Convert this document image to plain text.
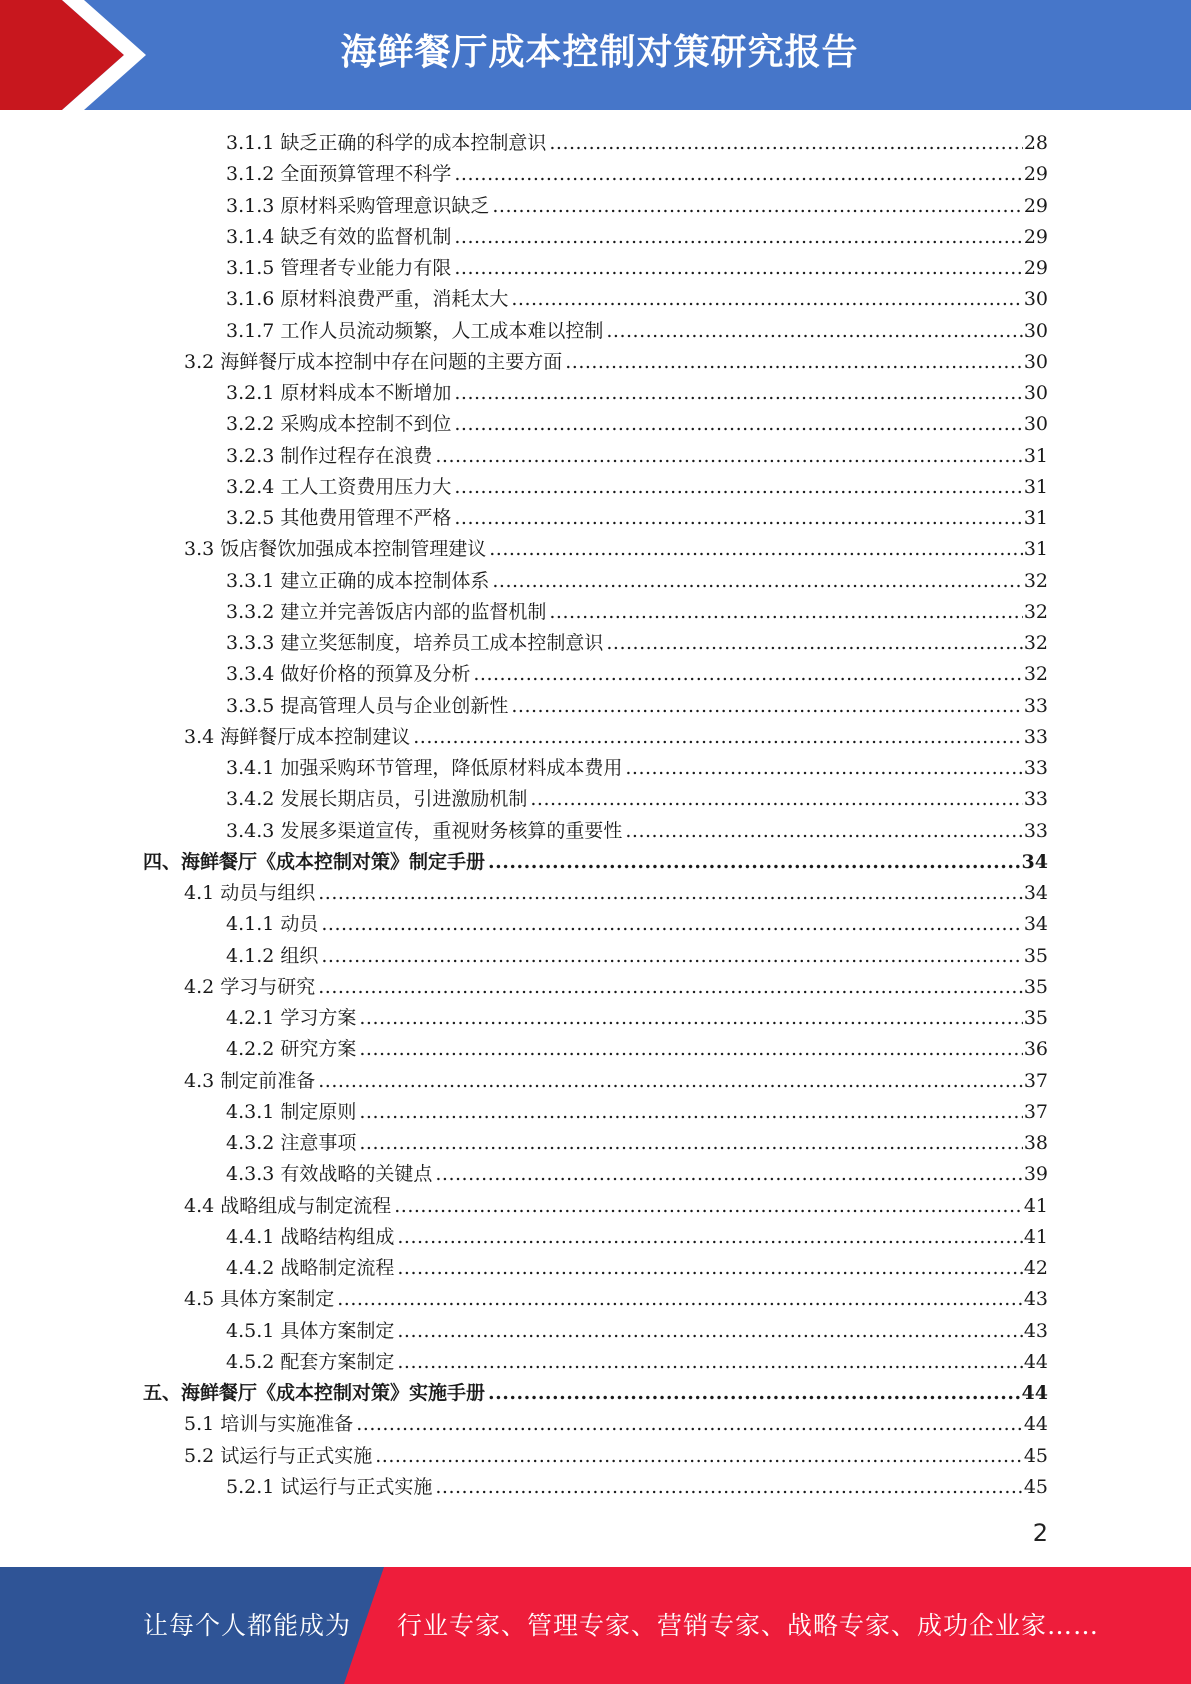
海鲜餐厅成本控制对策研究报告
3.1.1 缺乏正确的科学的成本控制意识 .....	28
3.1.2 全面预算管理不科学 .....	29
3.1.3 原材料采购管理意识缺乏 .....	29
3.1.4 缺乏有效的监督机制 .....	29
3.1.5 管理者专业能力有限 .....	29
3.1.6 原材料浪费严重，消耗太大 .....	30
3.1.7 工作人员流动频繁，人工成本难以控制 .....	30
3.2 海鲜餐厅成本控制中存在问题的主要方面 .....	30
3.2.1 原材料成本不断增加 .....	30
3.2.2 采购成本控制不到位 .....	30
3.2.3 制作过程存在浪费 .....	31
3.2.4 工人工资费用压力大 .....	31
3.2.5 其他费用管理不严格 .....	31
3.3 饭店餐饮加强成本控制管理建议 .....	31
3.3.1 建立正确的成本控制体系 .....	32
3.3.2 建立并完善饭店内部的监督机制 .....	32
3.3.3 建立奖惩制度，培养员工成本控制意识 .....	32
3.3.4 做好价格的预算及分析 .....	32
3.3.5 提高管理人员与企业创新性 .....	33
3.4 海鲜餐厅成本控制建议 .....	33
3.4.1 加强采购环节管理，降低原材料成本费用 .....	33
3.4.2 发展长期店员，引进激励机制 .....	33
3.4.3 发展多渠道宣传，重视财务核算的重要性 .....	33
四、海鲜餐厅《成本控制对策》制定手册 .....	34
4.1 动员与组织 .....	34
4.1.1 动员 .....	34
4.1.2 组织 .....	35
4.2 学习与研究 .....	35
4.2.1 学习方案 .....	35
4.2.2 研究方案 .....	36
4.3 制定前准备 .....	37
4.3.1 制定原则 .....	37
4.3.2 注意事项 .....	38
4.3.3 有效战略的关键点 .....	39
4.4 战略组成与制定流程 .....	41
4.4.1 战略结构组成 .....	41
4.4.2 战略制定流程 .....	42
4.5 具体方案制定 .....	43
4.5.1 具体方案制定 .....	43
4.5.2 配套方案制定 .....	44
五、海鲜餐厅《成本控制对策》实施手册 .....	44
5.1 培训与实施准备 .....	44
5.2 试运行与正式实施 .....	45
5.2.1 试运行与正式实施 .....	45
2
让每个人都能成为 行业专家、管理专家、营销专家、战略专家、成功企业家……
